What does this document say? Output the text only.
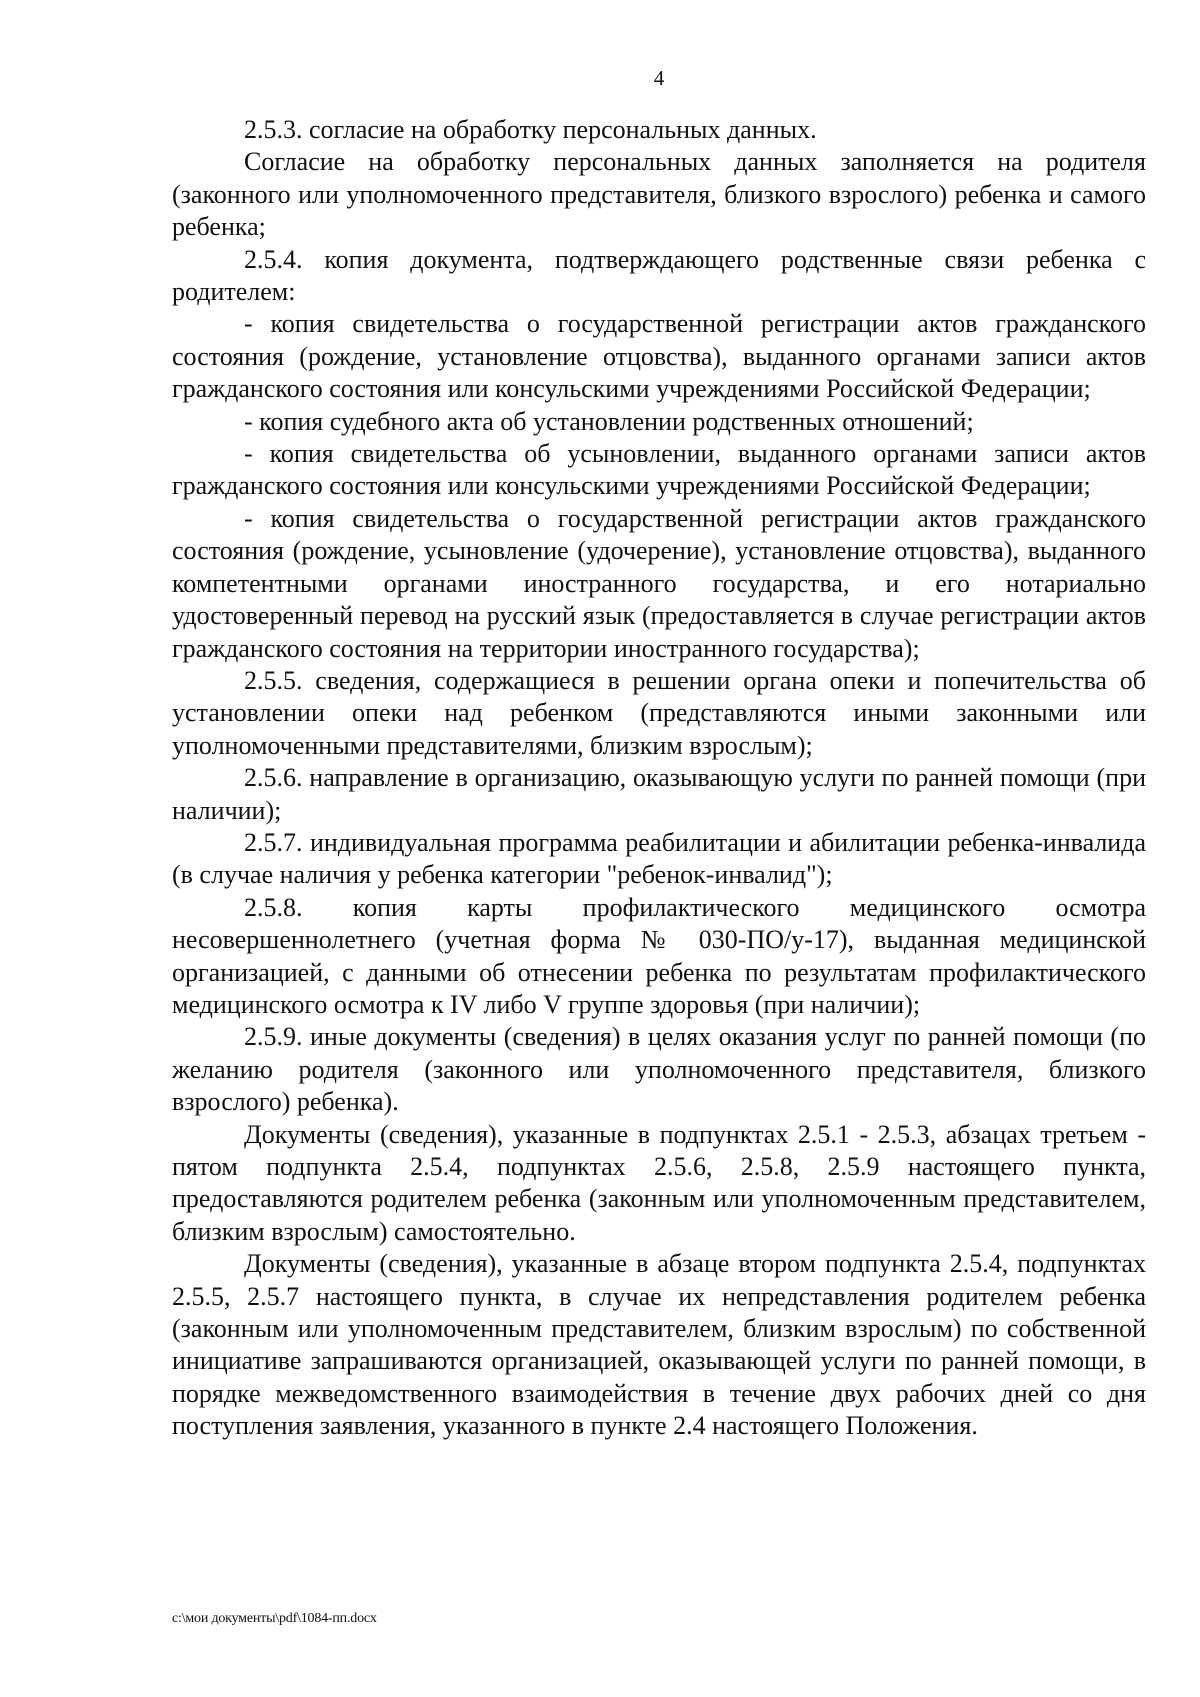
4

2.5.3. согласие на обработку персональных данных.

Согласие на обработку персональных данных заполняется на родителя (законного или уполномоченного представителя, близкого взрослого) ребенка и самого ребенка;

2.5.4. копия документа, подтверждающего родственные связи ребенка с родителем:

- копия свидетельства о государственной регистрации актов гражданского состояния (рождение, установление отцовства), выданного органами записи актов гражданского состояния или консульскими учреждениями Российской Федерации;

- копия судебного акта об установлении родственных отношений;

- копия свидетельства об усыновлении, выданного органами записи актов гражданского состояния или консульскими учреждениями Российской Федерации;

- копия свидетельства о государственной регистрации актов гражданского состояния (рождение, усыновление (удочерение), установление отцовства), выданного компетентными органами иностранного государства, и его нотариально удостоверенный перевод на русский язык (предоставляется в случае регистрации актов гражданского состояния на территории иностранного государства);

2.5.5. сведения, содержащиеся в решении органа опеки и попечительства об установлении опеки над ребенком (представляются иными законными или уполномоченными представителями, близким взрослым);

2.5.6. направление в организацию, оказывающую услуги по ранней помощи (при наличии);

2.5.7. индивидуальная программа реабилитации и абилитации ребенка-инвалида (в случае наличия у ребенка категории "ребенок-инвалид");

2.5.8. копия карты профилактического медицинского осмотра несовершеннолетнего (учетная форма № 030-ПО/у-17), выданная медицинской организацией, с данными об отнесении ребенка по результатам профилактического медицинского осмотра к IV либо V группе здоровья (при наличии);

2.5.9. иные документы (сведения) в целях оказания услуг по ранней помощи (по желанию родителя (законного или уполномоченного представителя, близкого взрослого) ребенка).

Документы (сведения), указанные в подпунктах 2.5.1 - 2.5.3, абзацах третьем - пятом подпункта 2.5.4, подпунктах 2.5.6, 2.5.8, 2.5.9 настоящего пункта, предоставляются родителем ребенка (законным или уполномоченным представителем, близким взрослым) самостоятельно.

Документы (сведения), указанные в абзаце втором подпункта 2.5.4, подпунктах 2.5.5, 2.5.7 настоящего пункта, в случае их непредставления родителем ребенка (законным или уполномоченным представителем, близким взрослым) по собственной инициативе запрашиваются организацией, оказывающей услуги по ранней помощи, в порядке межведомственного взаимодействия в течение двух рабочих дней со дня поступления заявления, указанного в пункте 2.4 настоящего Положения.

c:\мои документы\pdf\1084-пп.docx
